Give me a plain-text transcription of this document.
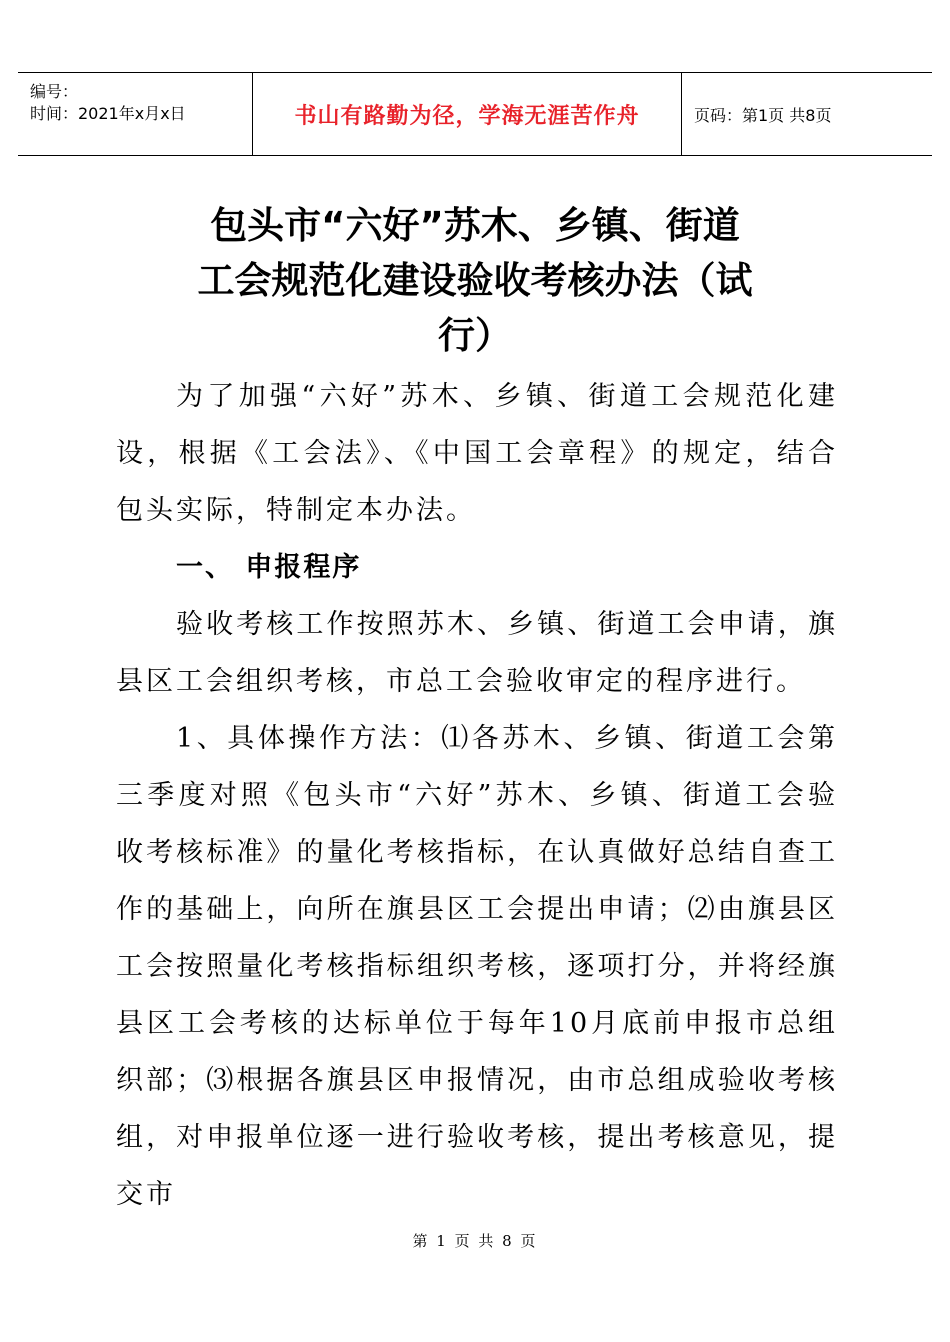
编号：
时间：2021年x月x日	书山有路勤为径，学海无涯苦作舟	页码：第1页 共8页
包头市“六好”苏木、乡镇、街道
工会规范化建设验收考核办法（试
行）

为了加强“六好”苏木、乡镇、街道工会规范化建设，根据《工会法》、《中国工会章程》的规定，结合包头实际，特制定本办法。

一、 申报程序

验收考核工作按照苏木、乡镇、街道工会申请，旗县区工会组织考核，市总工会验收审定的程序进行。

1、具体操作方法：⑴各苏木、乡镇、街道工会第三季度对照《包头市“六好”苏木、乡镇、街道工会验收考核标准》的量化考核指标，在认真做好总结自查工作的基础上，向所在旗县区工会提出申请；⑵由旗县区工会按照量化考核指标组织考核，逐项打分，并将经旗县区工会考核的达标单位于每年10月底前申报市总组织部；⑶根据各旗县区申报情况，由市总组成验收考核组，对申报单位逐一进行验收考核，提出考核意见，提交市

第 1 页 共 8 页
